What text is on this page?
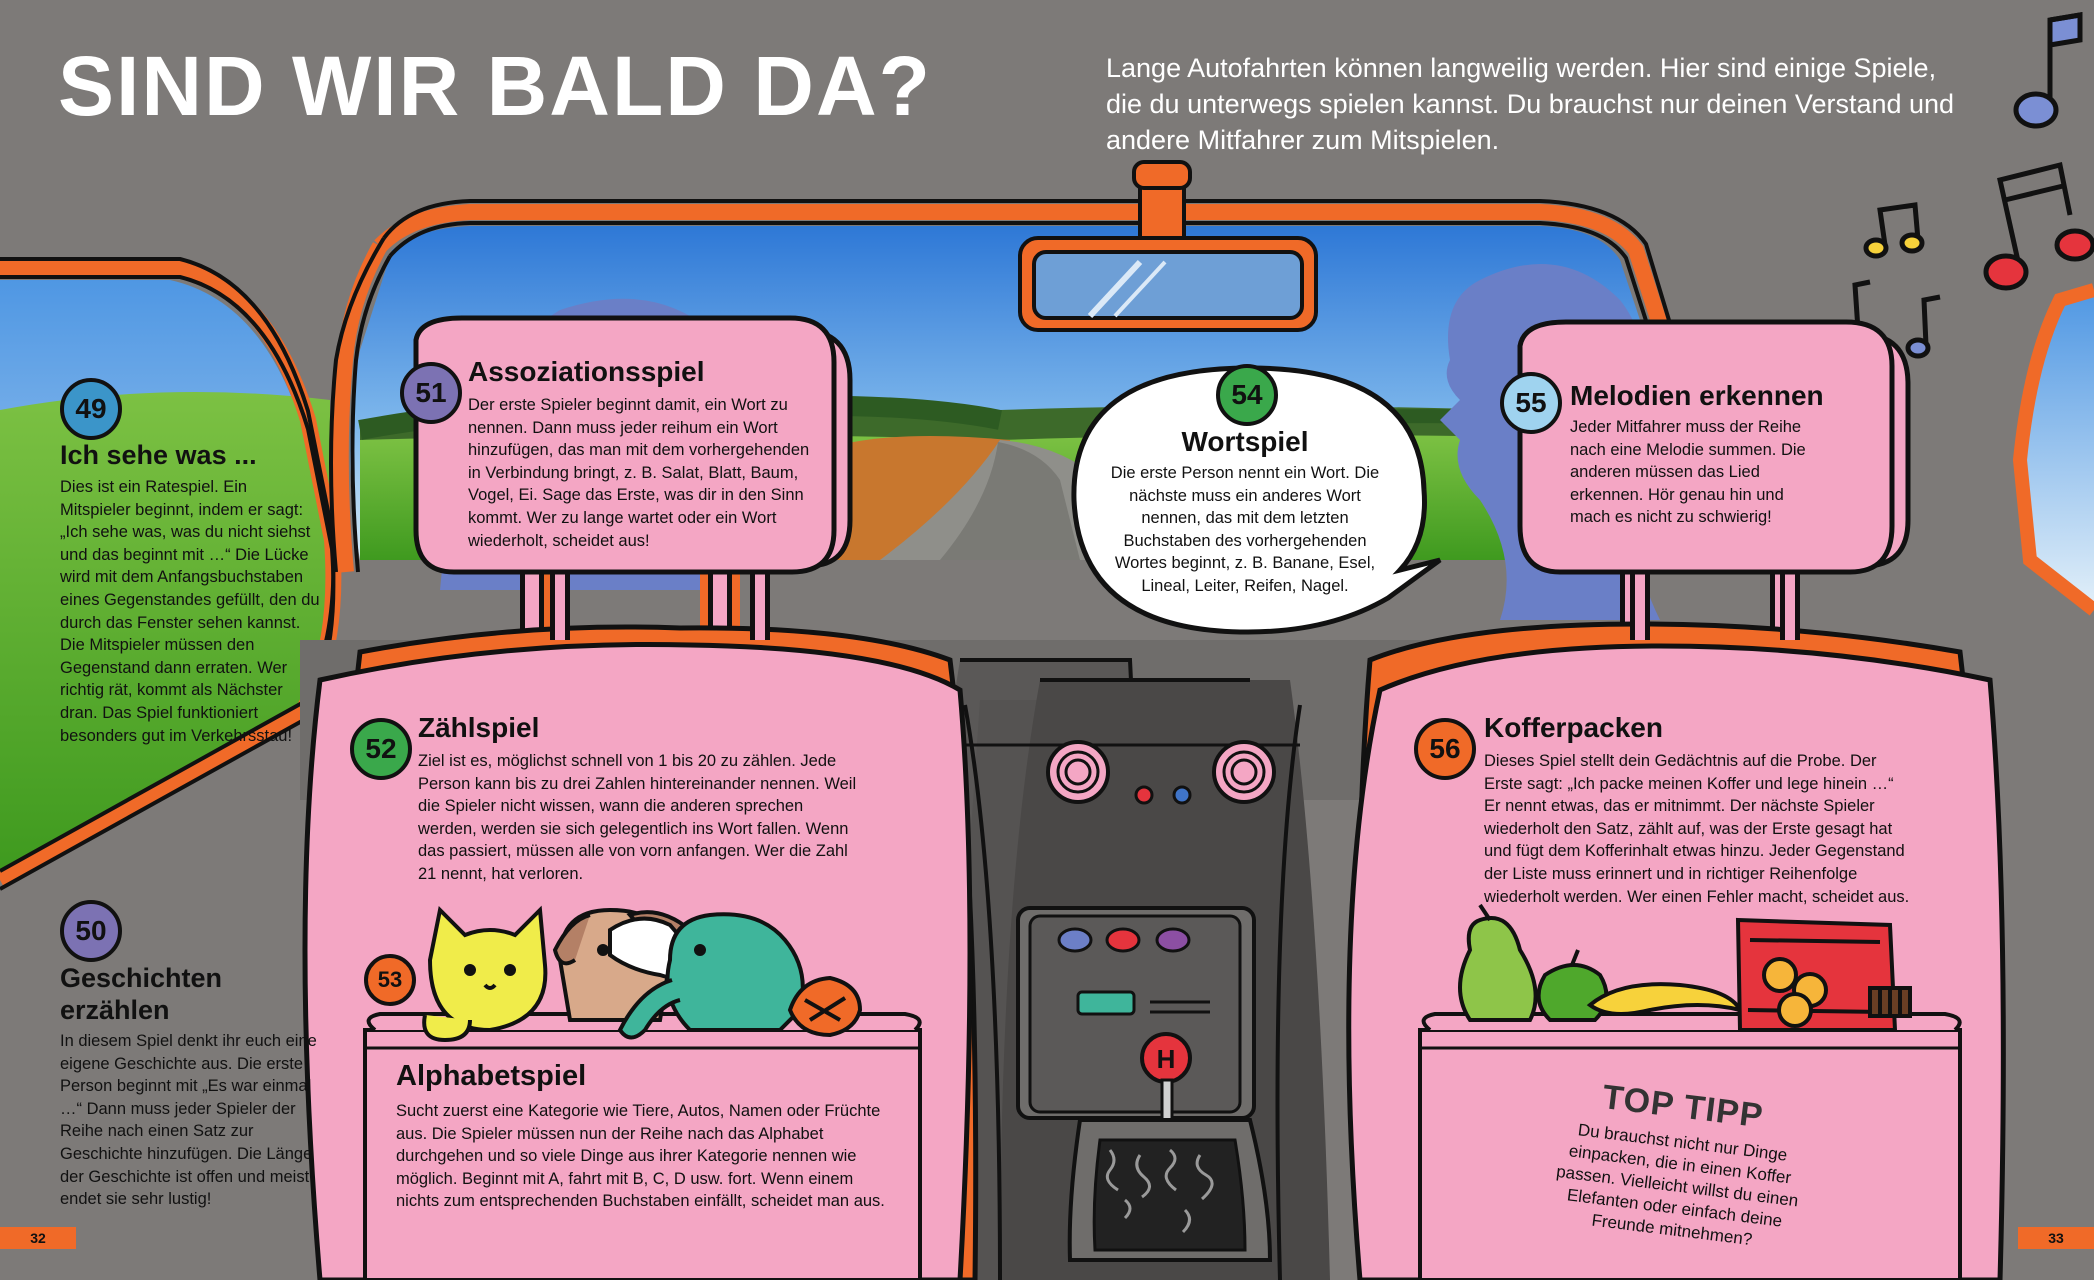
H
SIND WIR BALD DA?	Lange Autofahrten können langweilig werden. Hier sind einige Spiele, die du unterwegs spielen kannst. Du brauchst nur deinen Verstand und andere Mitfahrer zum Mitspielen.
49
Ich sehe was ...
Dies ist ein Ratespiel. Ein Mitspieler beginnt, indem er sagt: „Ich sehe was, was du nicht siehst und das beginnt mit …“ Die Lücke wird mit dem Anfangsbuchstaben eines Gegenstandes gefüllt, den du durch das Fenster sehen kannst. Die Mitspieler müssen den Gegenstand dann erraten. Wer richtig rät, kommt als Nächster dran. Das Spiel funktioniert besonders gut im Verkehrsstau!
50
Geschichten erzählen
In diesem Spiel denkt ihr euch eine eigene Geschichte aus. Die erste Person beginnt mit „Es war einmal …“ Dann muss jeder Spieler der Reihe nach einen Satz zur Geschichte hinzufügen. Die Länge der Geschichte ist offen und meist endet sie sehr lustig!
51
Assoziationsspiel
Der erste Spieler beginnt damit, ein Wort zu nennen. Dann muss jeder reihum ein Wort hinzufügen, das man mit dem vorhergehenden in Verbindung bringt, z. B. Salat, Blatt, Baum, Vogel, Ei. Sage das Erste, was dir in den Sinn kommt. Wer zu lange wartet oder ein Wort wiederholt, scheidet aus!
52
Zählspiel
Ziel ist es, möglichst schnell von 1 bis 20 zu zählen. Jede Person kann bis zu drei Zahlen hintereinander nennen. Weil die Spieler nicht wissen, wann die anderen sprechen werden, werden sie sich gelegentlich ins Wort fallen. Wenn das passiert, müssen alle von vorn anfangen. Wer die Zahl 21 nennt, hat verloren.
53
Alphabetspiel
Sucht zuerst eine Kategorie wie Tiere, Autos, Namen oder Früchte aus. Die Spieler müssen nun der Reihe nach das Alphabet durchgehen und so viele Dinge aus ihrer Kategorie nennen wie möglich. Beginnt mit A, fahrt mit B, C, D usw. fort. Wenn einem nichts zum entsprechenden Buchstaben einfällt, scheidet man aus.
54
Wortspiel
Die erste Person nennt ein Wort. Die nächste muss ein anderes Wort nennen, das mit dem letzten Buchstaben des vorhergehenden Wortes beginnt, z. B. Banane, Esel, Lineal, Leiter, Reifen, Nagel.
55 Melodien erkennen
Jeder Mitfahrer muss der Reihe nach eine Melodie summen. Die anderen müssen das Lied erkennen. Hör genau hin und mach es nicht zu schwierig!
56
Kofferpacken
Dieses Spiel stellt dein Gedächtnis auf die Probe. Der Erste sagt: „Ich packe meinen Koffer und lege hinein …“ Er nennt etwas, das er mitnimmt. Der nächste Spieler wiederholt den Satz, zählt auf, was der Erste gesagt hat und fügt dem Kofferinhalt etwas hinzu. Jeder Gegenstand der Liste muss erinnert und in richtiger Reihenfolge wiederholt werden. Wer einen Fehler macht, scheidet aus.
TOP TIPP
Du brauchst nicht nur Dinge einpacken, die in einen Koffer passen. Vielleicht willst du einen Elefanten oder einfach deine Freunde mitnehmen?
32	33
